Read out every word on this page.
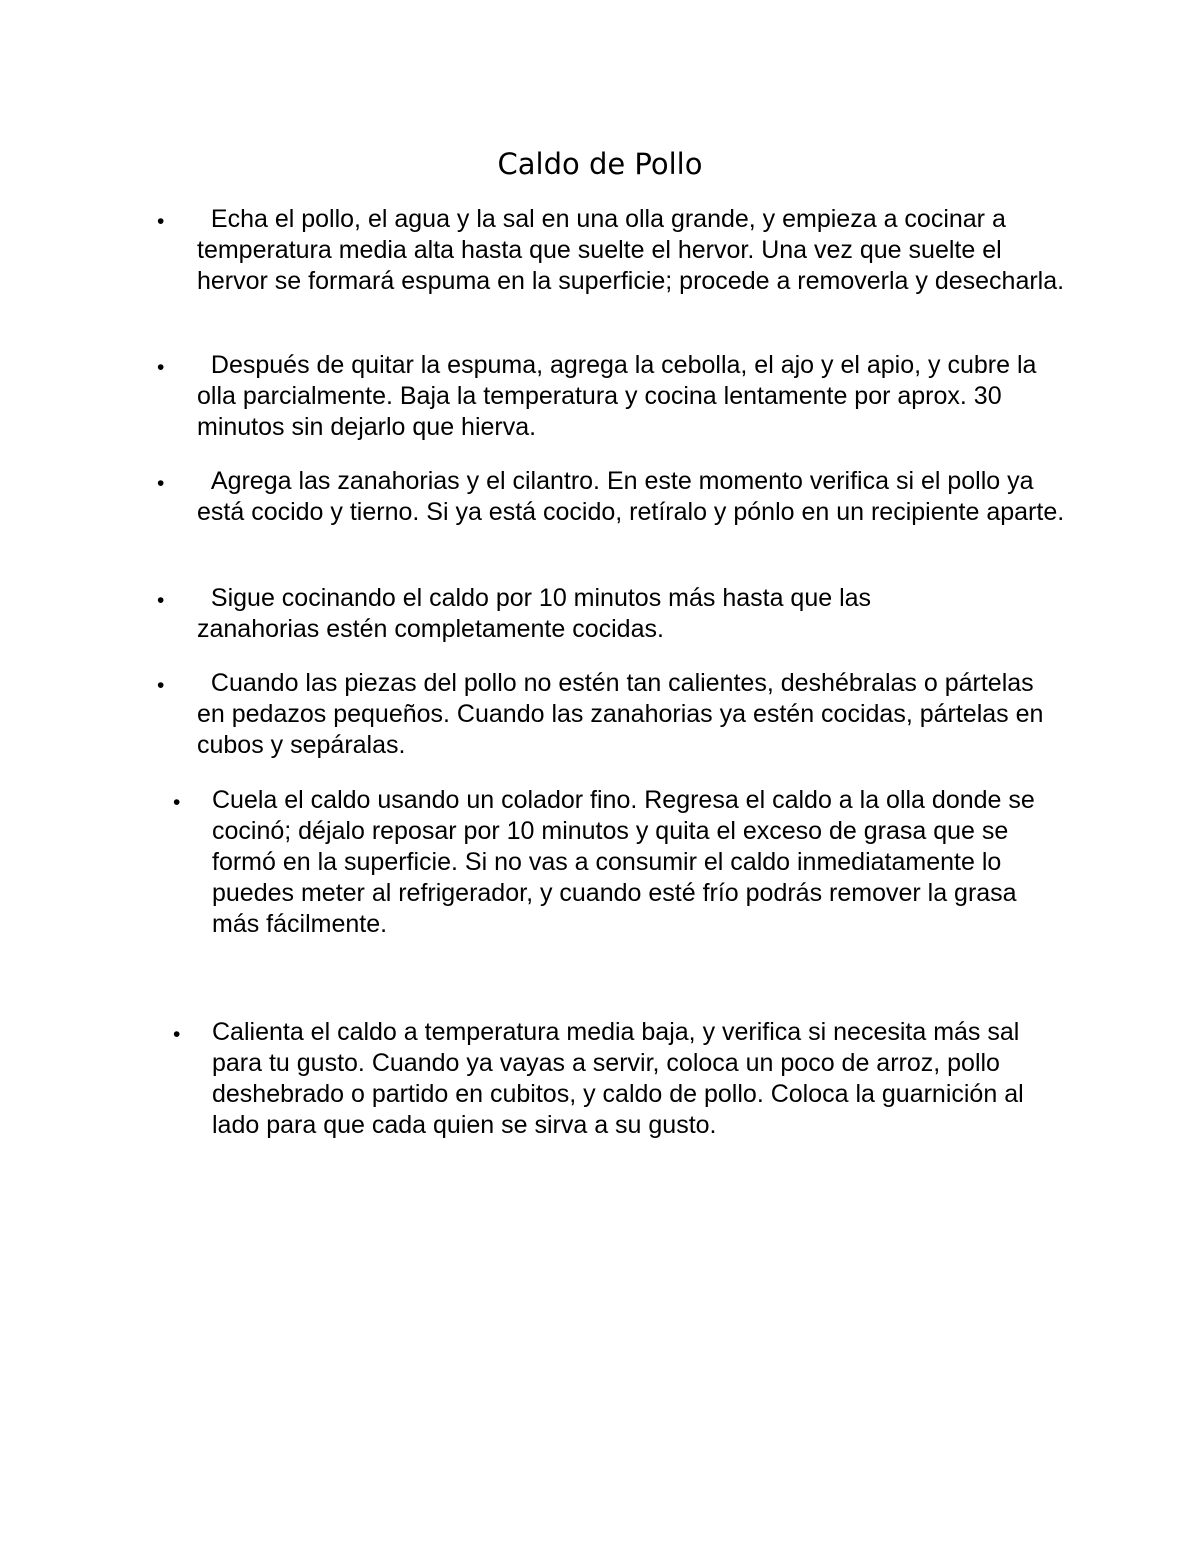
Caldo de Pollo
• Echa el pollo, el agua y la sal en una olla grande, y empieza a cocinar a temperatura media alta hasta que suelte el hervor. Una vez que suelte el hervor se formará espuma en la superficie; procede a removerla y desecharla.

• Después de quitar la espuma, agrega la cebolla, el ajo y el apio, y cubre la olla parcialmente. Baja la temperatura y cocina lentamente por aprox. 30 minutos sin dejarlo que hierva.

• Agrega las zanahorias y el cilantro. En este momento verifica si el pollo ya está cocido y tierno. Si ya está cocido, retíralo y pónlo en un recipiente aparte.

• Sigue cocinando el caldo por 10 minutos más hasta que las zanahorias estén completamente cocidas.

• Cuando las piezas del pollo no estén tan calientes, deshébralas o pártelas en pedazos pequeños. Cuando las zanahorias ya estén cocidas, pártelas en cubos y sepáralas.

• Cuela el caldo usando un colador fino. Regresa el caldo a la olla donde se cocinó; déjalo reposar por 10 minutos y quita el exceso de grasa que se formó en la superficie. Si no vas a consumir el caldo inmediatamente lo puedes meter al refrigerador, y cuando esté frío podrás remover la grasa más fácilmente.

• Calienta el caldo a temperatura media baja, y verifica si necesita más sal para tu gusto. Cuando ya vayas a servir, coloca un poco de arroz, pollo deshebrado o partido en cubitos, y caldo de pollo. Coloca la guarnición al lado para que cada quien se sirva a su gusto.
